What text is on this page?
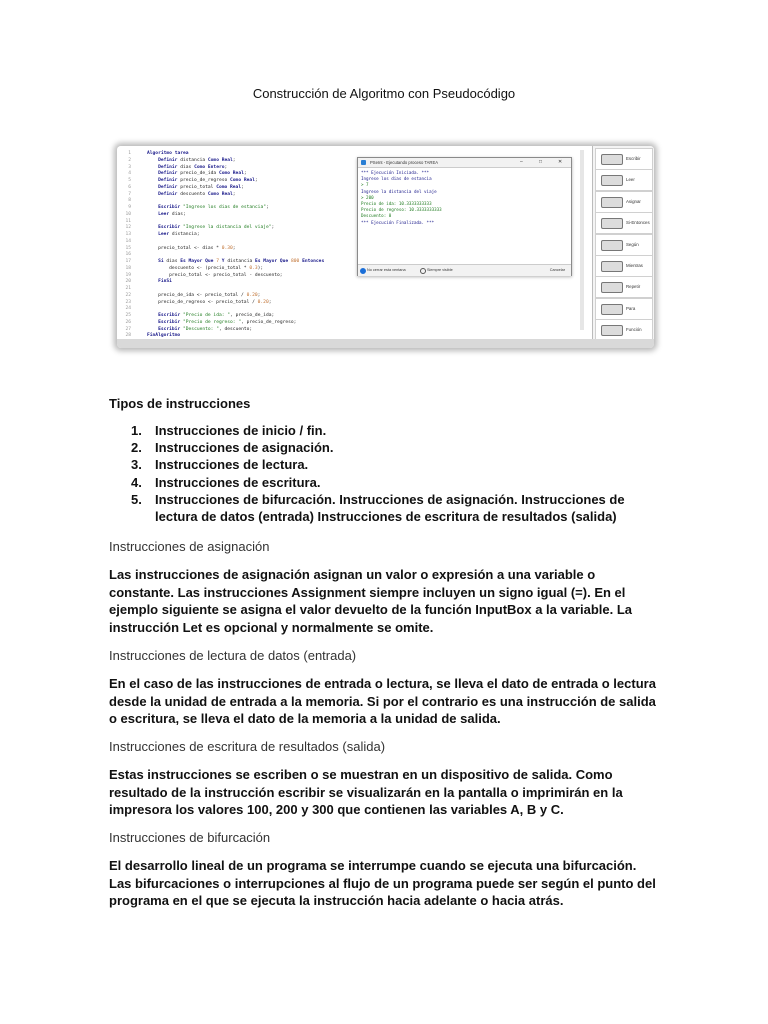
Construcción de Algoritmo con Pseudocódigo
1	Algoritmo tarea
2	Definir distancia Como Real;
3	Definir dias Como Entero;
4	Definir precio_de_ida Como Real;
5	Definir precio_de_regreso Como Real;
6	Definir precio_total Como Real;
7	Definir descuento Como Real;
8
9	Escribir "Ingrese los dias de estancia";
10	Leer dias;
11
12	Escribir "Ingrese la distancia del viaje";
13	Leer distancia;
14
15	precio_total <- dias * 0.30;
16
17	Si dias Es Mayor Que 7 Y distancia Es Mayor Que 800 Entonces
18	descuento <- (precio_total * 0.3);
19	precio_total <- precio_total - descuento;
20	FinSi
21
22	precio_de_ida <- precio_total / 0.20;
23	precio_de_regreso <- precio_total / 0.20;
24
25	Escribir "Precio de ida: ", precio_de_ida;
26	Escribir "Precio de regreso: ", precio_de_regreso;
27	Escribir "Descuento: ", descuento;
28	FinAlgoritmo
PSeInt - Ejecutando proceso TAREA	–	□	✕
*** Ejecución Iniciada. ***
Ingrese los dias de estancia
> 7
Ingrese la distancia del viaje
> 200
Precio de ida: 10.3333333333
Precio de regreso: 10.3333333333
Descuento: 0
*** Ejecución Finalizada. ***
No cerrar esta ventana	Siempre visible	Cancelar
Escribir
Leer
Asignar
Si-Entonces
Según
Mientras
Repetir
Para
Función
Tipos de instrucciones
1. Instrucciones de inicio / fin.
2. Instrucciones de asignación.
3. Instrucciones de lectura.
4. Instrucciones de escritura.
5. Instrucciones de bifurcación. Instrucciones de asignación. Instrucciones de lectura de datos (entrada) Instrucciones de escritura de resultados (salida)
Instrucciones de asignación
Las instrucciones de asignación asignan un valor o expresión a una variable o constante. Las instrucciones Assignment siempre incluyen un signo igual (=). En el ejemplo siguiente se asigna el valor devuelto de la función InputBox a la variable. La instrucción Let es opcional y normalmente se omite.
Instrucciones de lectura de datos (entrada)
En el caso de las instrucciones de entrada o lectura, se lleva el dato de entrada o lectura desde la unidad de entrada a la memoria. Si por el contrario es una instrucción de salida o escritura, se lleva el dato de la memoria a la unidad de salida.
Instrucciones de escritura de resultados (salida)
Estas instrucciones se escriben o se muestran en un dispositivo de salida. Como resultado de la instrucción escribir se visualizarán en la pantalla o imprimirán en la impresora los valores 100, 200 y 300 que contienen las variables A, B y C.
Instrucciones de bifurcación
El desarrollo lineal de un programa se interrumpe cuando se ejecuta una bifurcación. Las bifurcaciones o interrupciones al flujo de un programa puede ser según el punto del programa en el que se ejecuta la instrucción hacia adelante o hacia atrás.
